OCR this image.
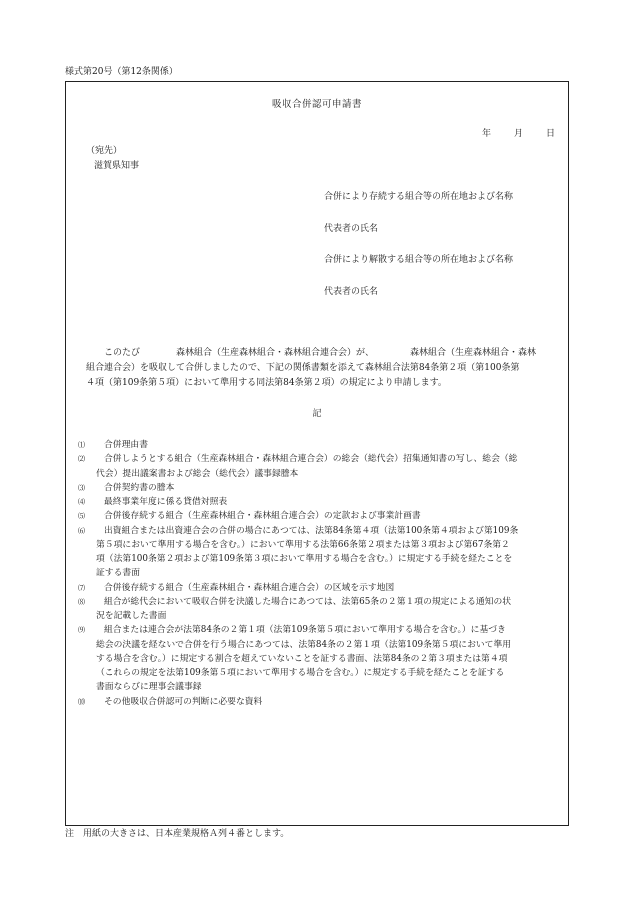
様式第20号（第12条関係）
吸収合併認可申請書
年	月	日
（宛先）
滋賀県知事
合併により存続する組合等の所在地および名称
代表者の氏名
合併により解散する組合等の所在地および名称
代表者の氏名
　　このたび	森林組合（生産森林組合・森林組合連合会）が、	森林組合（生産森林組合・森林
組合連合会）を吸収して合併しましたので、下記の関係書類を添えて森林組合法第84条第２項（第100条第
４項（第109条第５項）において準用する同法第84条第２項）の規定により申請します。
記
⑴	合併理由書
⑵	合併しようとする組合（生産森林組合・森林組合連合会）の総会（総代会）招集通知書の写し、総会（総
代会）提出議案書および総会（総代会）議事録謄本
⑶	合併契約書の謄本
⑷	最終事業年度に係る貸借対照表
⑸	合併後存続する組合（生産森林組合・森林組合連合会）の定款および事業計画書
⑹	出資組合または出資連合会の合併の場合にあつては、法第84条第４項（法第100条第４項および第109条
第５項において準用する場合を含む。）において準用する法第66条第２項または第３項および第67条第２
項（法第100条第２項および第109条第３項において準用する場合を含む。）に規定する手続を経たことを
証する書面
⑺	合併後存続する組合（生産森林組合・森林組合連合会）の区域を示す地図
⑻	組合が総代会において吸収合併を決議した場合にあつては、法第65条の２第１項の規定による通知の状
況を記載した書面
⑼	組合または連合会が法第84条の２第１項（法第109条第５項において準用する場合を含む。）に基づき
総会の決議を経ないで合併を行う場合にあつては、法第84条の２第１項（法第109条第５項において準用
する場合を含む。）に規定する割合を超えていないことを証する書面、法第84条の２第３項または第４項
（これらの規定を法第109条第５項において準用する場合を含む。）に規定する手続を経たことを証する
書面ならびに理事会議事録
⑽	その他吸収合併認可の判断に必要な資料
注　用紙の大きさは、日本産業規格Ａ列４番とします。
